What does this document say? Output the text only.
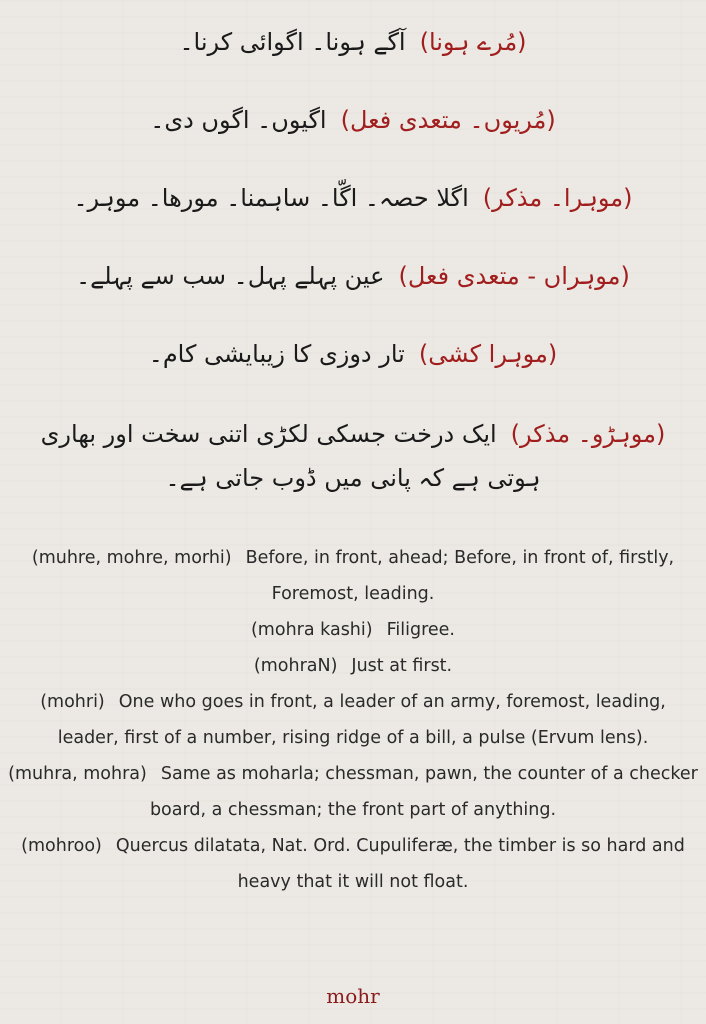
(مُرے ہونا)آگے ہونا۔ اگوائی کرنا۔

(مُریوں۔ متعدی فعل)اگیوں۔ اگوں دی۔

(موہرا۔ مذکر)اگلا حصہ۔ اگّا۔ ساہمنا۔ مورھا۔ موہر۔

(موہراں - متعدی فعل)عین پہلے پہل۔ سب سے پہلے۔

(موہرا کشی)تار دوزی کا زیبایشی کام۔

(موہڑو۔ مذکر)ایک درخت جسکی لکڑی اتنی سخت اور بھاری ہوتی ہے کہ پانی میں ڈوب جاتی ہے۔

(muhre, mohre, morhi) Before, in front, ahead; Before, in front of, firstly, Foremost, leading.

(mohra kashi) Filigree.

(mohraN) Just at first.

(mohri) One who goes in front, a leader of an army, foremost, leading, leader, first of a number, rising ridge of a bill, a pulse (Ervum lens).

(muhra, mohra) Same as moharla; chessman, pawn, the counter of a checker board, a chessman; the front part of anything.

(mohroo) Quercus dilatata, Nat. Ord. Cupuliferæ, the timber is so hard and heavy that it will not float.

mohr
